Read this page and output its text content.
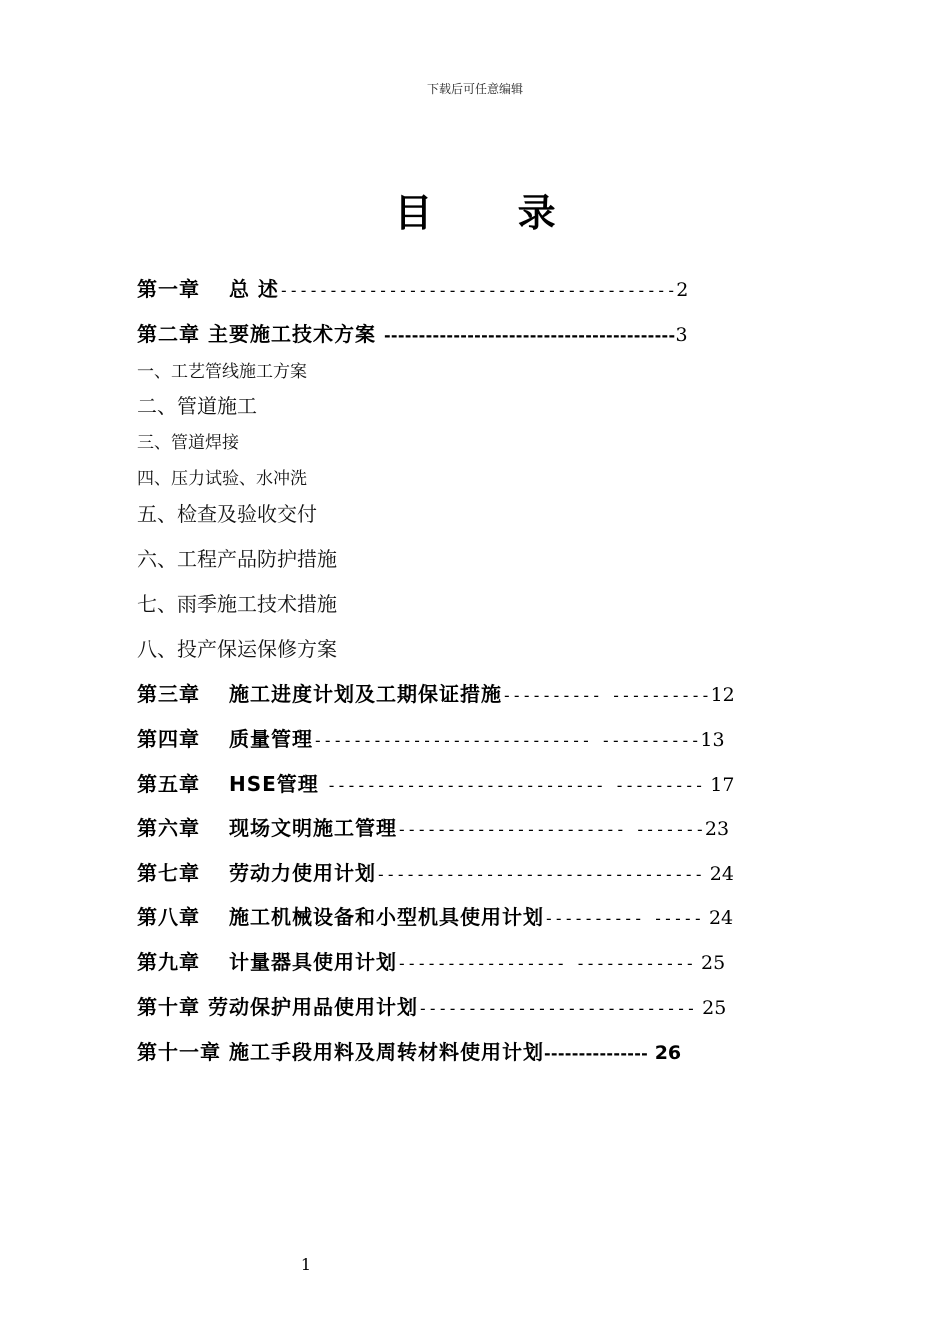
下载后可任意编辑
目 录
第一章　 总 述----------------------------------------2
第二章 主要施工技术方案 ------------------------------------------3
一、工艺管线施工方案
二、管道施工
三、管道焊接
四、压力试验、水冲洗
五、检查及验收交付
六、工程产品防护措施
七、雨季施工技术措施
八、投产保运保修方案
第三章　 施工进度计划及工期保证措施---------- ----------12
第四章　 质量管理---------------------------- ----------13
第五章　 HSE管理 ---------------------------- --------- 17
第六章　 现场文明施工管理----------------------- -------23
第七章　 劳动力使用计划--------------------------------- 24
第八章　 施工机械设备和小型机具使用计划---------- ----- 24
第九章　 计量器具使用计划----------------- ------------ 25
第十章 劳动保护用品使用计划---------------------------- 25
第十一章 施工手段用料及周转材料使用计划--------------- 26
1
